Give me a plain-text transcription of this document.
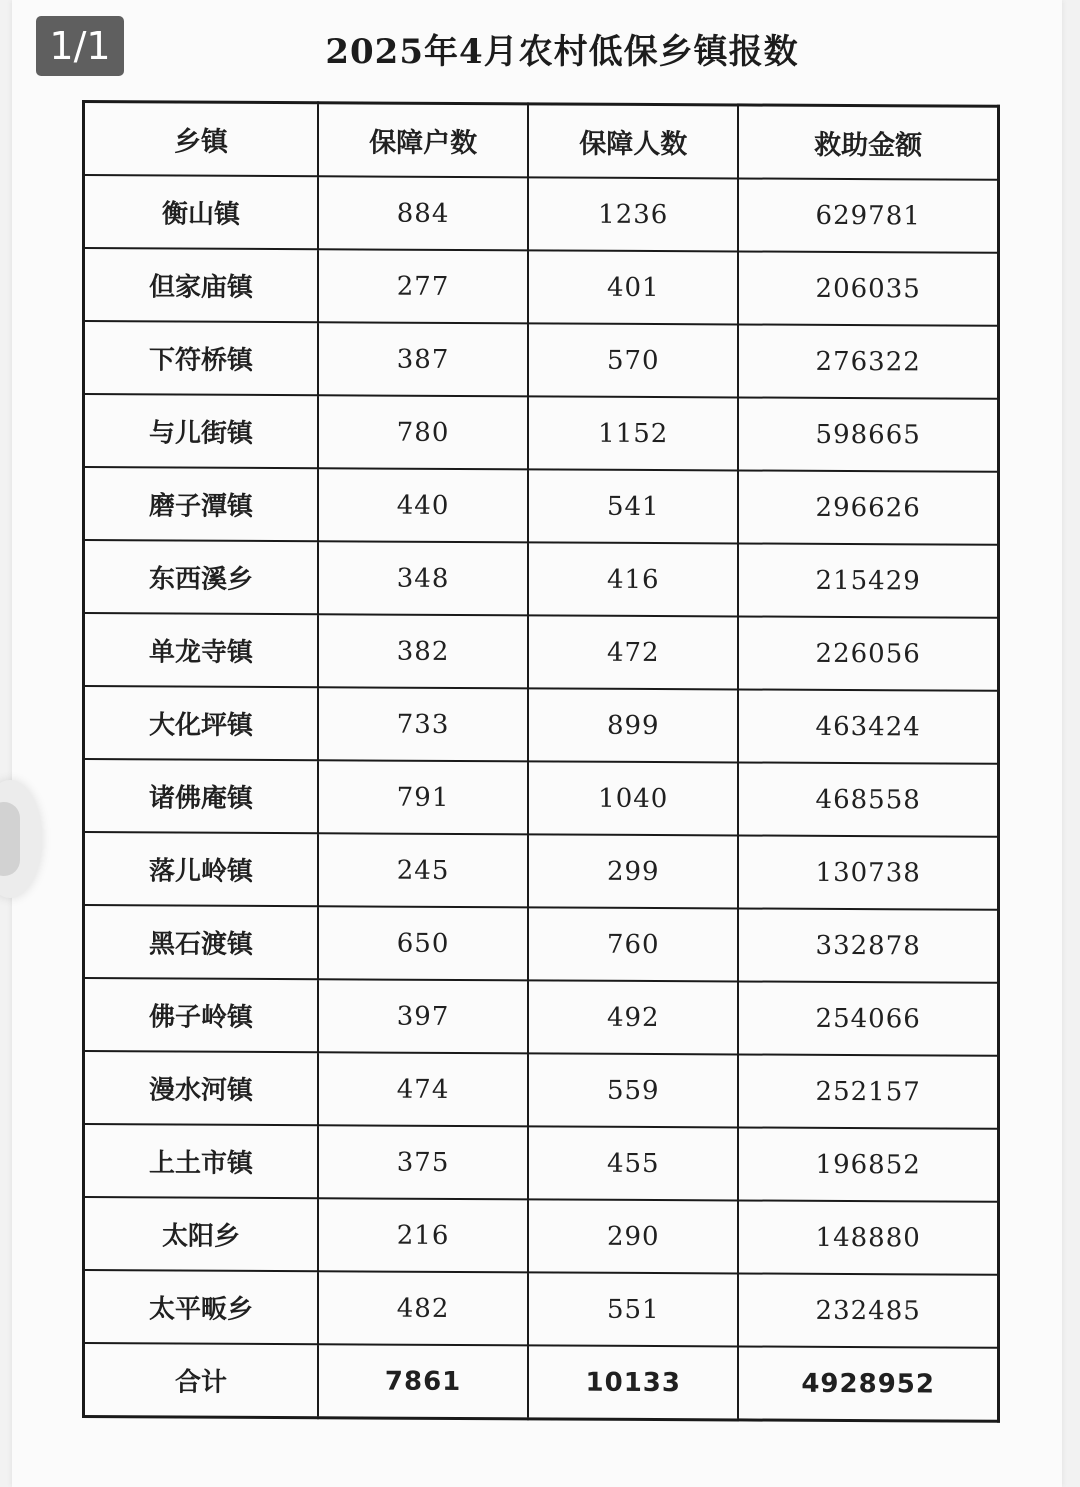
1/1	2025年4月农村低保乡镇报数
乡镇	保障户数	保障人数	救助金额
衡山镇	884	1236	629781
但家庙镇	277	401	206035
下符桥镇	387	570	276322
与儿街镇	780	1152	598665
磨子潭镇	440	541	296626
东西溪乡	348	416	215429
单龙寺镇	382	472	226056
大化坪镇	733	899	463424
诸佛庵镇	791	1040	468558
落儿岭镇	245	299	130738
黑石渡镇	650	760	332878
佛子岭镇	397	492	254066
漫水河镇	474	559	252157
上土市镇	375	455	196852
太阳乡	216	290	148880
太平畈乡	482	551	232485
合计	7861	10133	4928952
